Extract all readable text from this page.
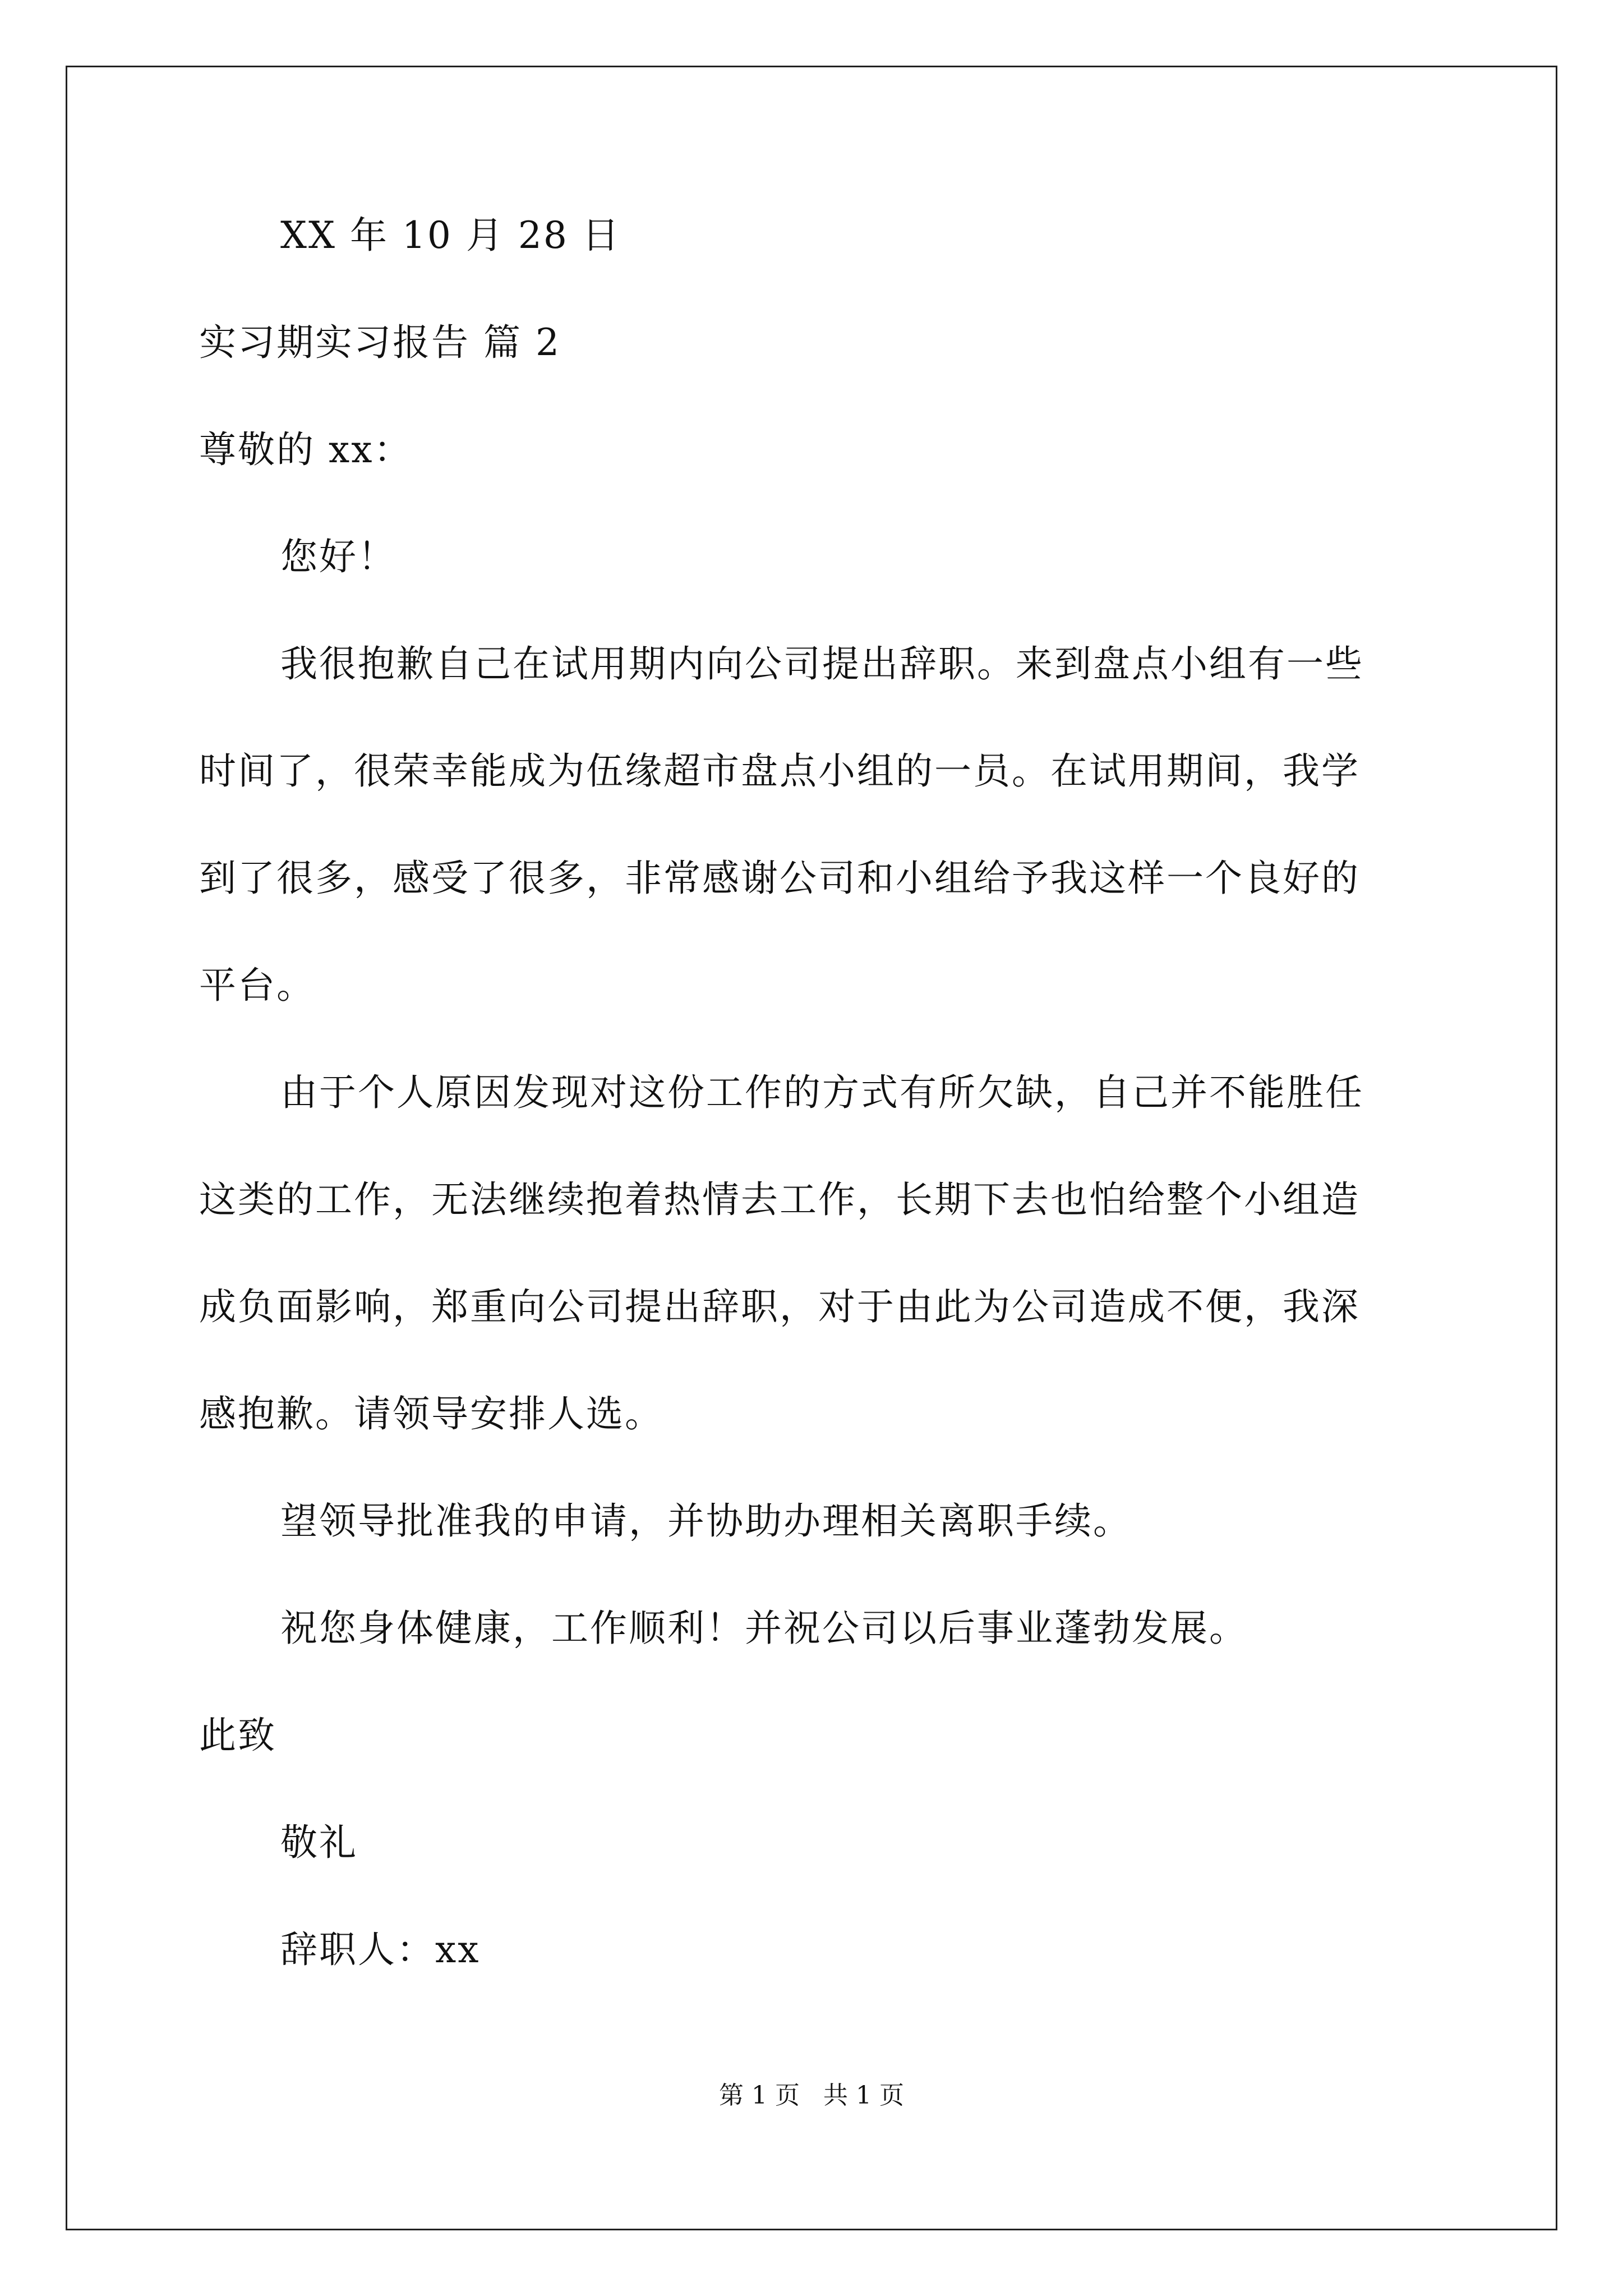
XX 年 10 月 28 日
实习期实习报告 篇 2
尊敬的 xx：
您好！
我很抱歉自己在试用期内向公司提出辞职。来到盘点小组有一些
时间了，很荣幸能成为伍缘超市盘点小组的一员。在试用期间，我学
到了很多，感受了很多，非常感谢公司和小组给予我这样一个良好的
平台。
由于个人原因发现对这份工作的方式有所欠缺，自己并不能胜任
这类的工作，无法继续抱着热情去工作，长期下去也怕给整个小组造
成负面影响，郑重向公司提出辞职，对于由此为公司造成不便，我深
感抱歉。请领导安排人选。
望领导批准我的申请，并协助办理相关离职手续。
祝您身体健康，工作顺利！并祝公司以后事业蓬勃发展。
此致
敬礼
辞职人：xx
第 1 页 共 1 页
